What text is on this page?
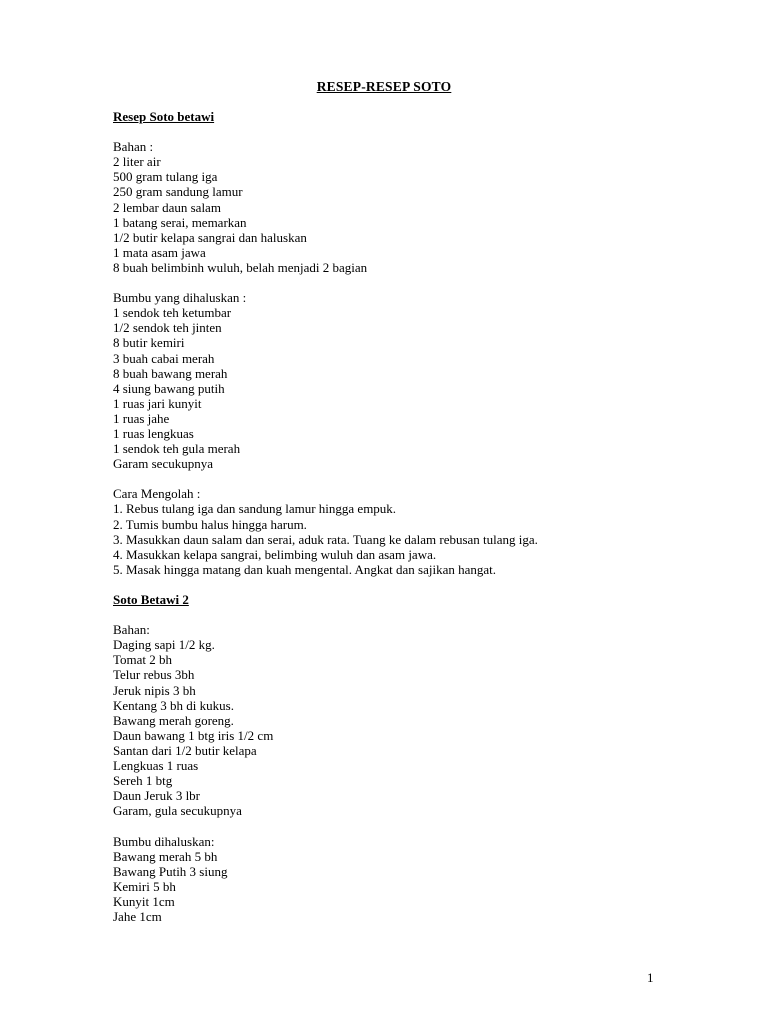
RESEP-RESEP SOTO
Resep Soto betawi
Bahan :
2 liter air
500 gram tulang iga
250 gram sandung lamur
2 lembar daun salam
1 batang serai, memarkan
1/2 butir kelapa sangrai dan haluskan
1 mata asam jawa
8 buah belimbinh wuluh, belah menjadi 2 bagian
Bumbu yang dihaluskan :
1 sendok teh ketumbar
1/2 sendok teh jinten
8 butir kemiri
3 buah cabai merah
8 buah bawang merah
4 siung bawang putih
1 ruas jari kunyit
1 ruas jahe
1 ruas lengkuas
1 sendok teh gula merah
Garam secukupnya
Cara Mengolah :
1. Rebus tulang iga dan sandung lamur hingga empuk.
2. Tumis bumbu halus hingga harum.
3. Masukkan daun salam dan serai, aduk rata. Tuang ke dalam rebusan tulang iga.
4. Masukkan kelapa sangrai, belimbing wuluh dan asam jawa.
5. Masak hingga matang dan kuah mengental. Angkat dan sajikan hangat.
Soto Betawi 2
Bahan:
Daging sapi 1/2 kg.
Tomat 2 bh
Telur rebus 3bh
Jeruk nipis 3 bh
Kentang 3 bh di kukus.
Bawang merah goreng.
Daun bawang 1 btg iris 1/2 cm
Santan dari 1/2 butir kelapa
Lengkuas 1 ruas
Sereh 1 btg
Daun Jeruk 3 lbr
Garam, gula secukupnya
Bumbu dihaluskan:
Bawang merah 5 bh
Bawang Putih 3 siung
Kemiri 5 bh
Kunyit 1cm
Jahe 1cm
1
